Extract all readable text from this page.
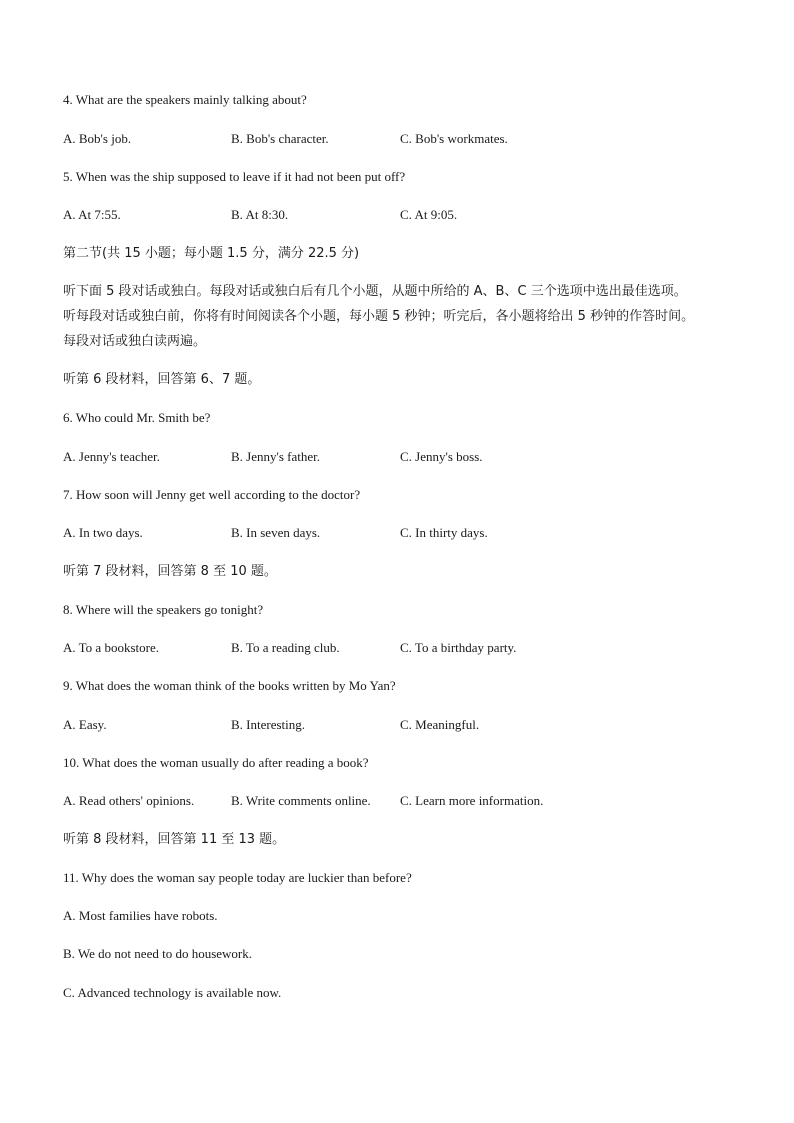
4. What are the speakers mainly talking about?
A. Bob's job.	B. Bob's character.	C. Bob's workmates.
5. When was the ship supposed to leave if it had not been put off?
A. At 7:55.	B. At 8:30.	C. At 9:05.
第二节(共 15 小题；每小题 1.5 分，满分 22.5 分)
听下面 5 段对话或独白。每段对话或独白后有几个小题，从题中所给的 A、B、C 三个选项中选出最佳选项。
听每段对话或独白前，你将有时间阅读各个小题，每小题 5 秒钟；听完后，各小题将给出 5 秒钟的作答时间。
每段对话或独白读两遍。
听第 6 段材料，回答第 6、7 题。
6. Who could Mr. Smith be?
A. Jenny's teacher.	B. Jenny's father.	C. Jenny's boss.
7. How soon will Jenny get well according to the doctor?
A. In two days.	B. In seven days.	C. In thirty days.
听第 7 段材料，回答第 8 至 10 题。
8. Where will the speakers go tonight?
A. To a bookstore.	B. To a reading club.	C. To a birthday party.
9. What does the woman think of the books written by Mo Yan?
A. Easy.	B. Interesting.	C. Meaningful.
10. What does the woman usually do after reading a book?
A. Read others' opinions.	B. Write comments online. C. Learn more information.
听第 8 段材料，回答第 11 至 13 题。
11. Why does the woman say people today are luckier than before?
A. Most families have robots.
B. We do not need to do housework.
C. Advanced technology is available now.
